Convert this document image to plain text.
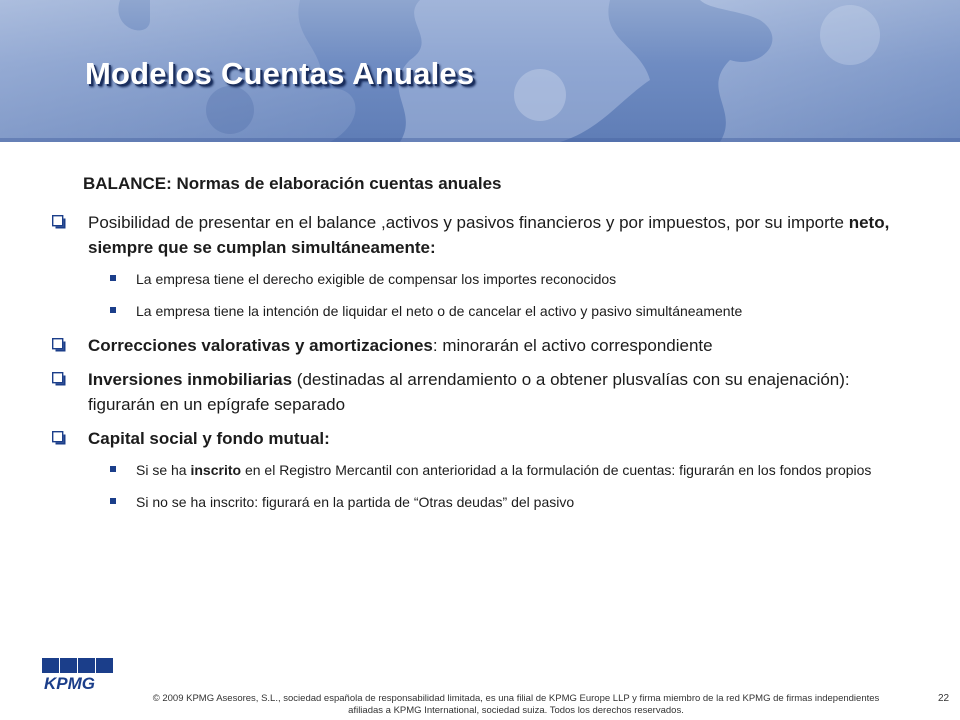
Modelos Cuentas Anuales
BALANCE: Normas de elaboración cuentas anuales
Posibilidad de presentar en el balance ,activos y pasivos financieros y por impuestos, por su importe neto, siempre que se cumplan simultáneamente:
La empresa tiene el derecho exigible de compensar los importes reconocidos
La empresa tiene la intención de liquidar el neto o de cancelar el activo y pasivo simultáneamente
Correcciones valorativas y amortizaciones: minorarán el activo correspondiente
Inversiones inmobiliarias (destinadas al arrendamiento o a obtener plusvalías con su enajenación): figurarán en un epígrafe separado
Capital social y fondo mutual:
Si se ha inscrito en el Registro Mercantil con anterioridad a la formulación de cuentas: figurarán en los fondos propios
Si no se ha inscrito: figurará en la partida de “Otras deudas” del pasivo
KPMG
© 2009 KPMG Asesores, S.L., sociedad española de responsabilidad limitada, es una filial de KPMG Europe LLP y firma miembro de la red KPMG de firmas independientes afiliadas a KPMG International, sociedad suiza. Todos los derechos reservados.
22
